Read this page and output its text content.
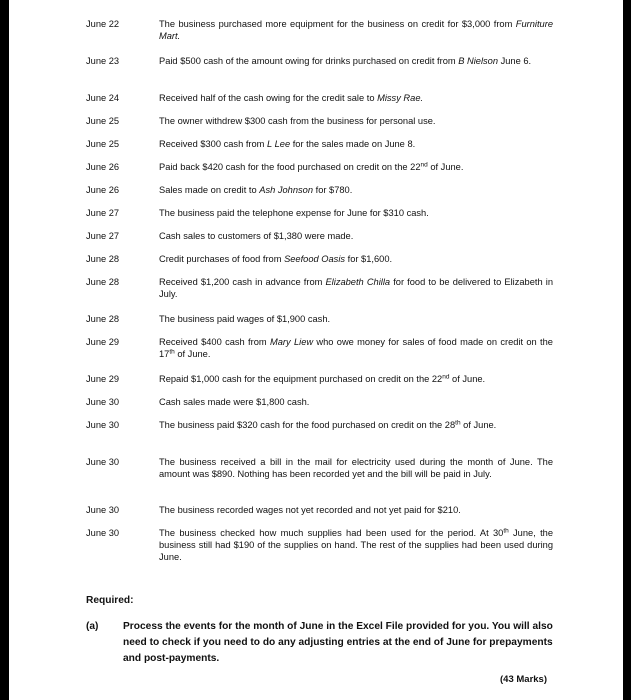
June 22	The business purchased more equipment for the business on credit for $3,000 from Furniture Mart.

June 23	Paid $500 cash of the amount owing for drinks purchased on credit from B Nielson June 6.

June 24	Received half of the cash owing for the credit sale to Missy Rae.

June 25	The owner withdrew $300 cash from the business for personal use.

June 25	Received $300 cash from L Lee for the sales made on June 8.

June 26	Paid back $420 cash for the food purchased on credit on the 22nd of June.

June 26	Sales made on credit to Ash Johnson for $780.

June 27	The business paid the telephone expense for June for $310 cash.

June 27	Cash sales to customers of $1,380 were made.

June 28	Credit purchases of food from Seefood Oasis for $1,600.

June 28	Received $1,200 cash in advance from Elizabeth Chilla for food to be delivered to Elizabeth in July.

June 28	The business paid wages of $1,900 cash.

June 29	Received $400 cash from Mary Liew who owe money for sales of food made on credit on the 17th of June.

June 29	Repaid $1,000 cash for the equipment purchased on credit on the 22nd of June.

June 30	Cash sales made were $1,800 cash.

June 30	The business paid $320 cash for the food purchased on credit on the 28th of June.

June 30	The business received a bill in the mail for electricity used during the month of June. The amount was $890. Nothing has been recorded yet and the bill will be paid in July.

June 30	The business recorded wages not yet recorded and not yet paid for $210.

June 30	The business checked how much supplies had been used for the period. At 30th June, the business still had $190 of the supplies on hand. The rest of the supplies had been used during June.

Required:
(a) Process the events for the month of June in the Excel File provided for you. You will also need to check if you need to do any adjusting entries at the end of June for prepayments and post-payments.
(43 Marks)
